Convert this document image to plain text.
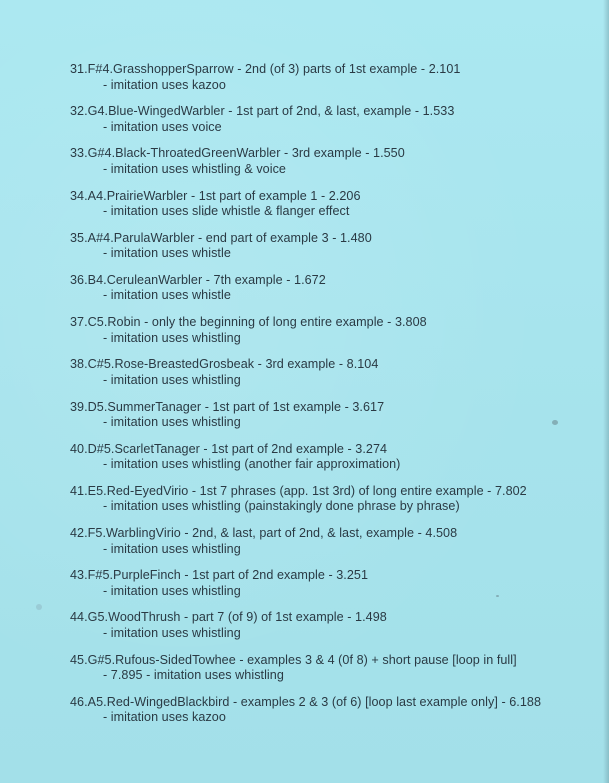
31.F#4.GrasshopperSparrow - 2nd (of 3) parts of 1st example - 2.101
- imitation uses kazoo
32.G4.Blue-WingedWarbler - 1st part of 2nd, & last, example - 1.533
- imitation uses voice
33.G#4.Black-ThroatedGreenWarbler - 3rd example - 1.550
- imitation uses whistling & voice
34.A4.PrairieWarbler - 1st part of example 1 - 2.206
- imitation uses slide whistle & flanger effect
35.A#4.ParulaWarbler - end part of example 3 - 1.480
- imitation uses whistle
36.B4.CeruleanWarbler - 7th example - 1.672
- imitation uses whistle
37.C5.Robin - only the beginning of long entire example - 3.808
- imitation uses whistling
38.C#5.Rose-BreastedGrosbeak - 3rd example - 8.104
- imitation uses whistling
39.D5.SummerTanager - 1st part of 1st example - 3.617
- imitation uses whistling
40.D#5.ScarletTanager - 1st part of 2nd example - 3.274
- imitation uses whistling (another fair approximation)
41.E5.Red-EyedVirio - 1st 7 phrases (app. 1st 3rd) of long entire example - 7.802
- imitation uses whistling (painstakingly done phrase by phrase)
42.F5.WarblingVirio - 2nd, & last, part of 2nd, & last, example - 4.508
- imitation uses whistling
43.F#5.PurpleFinch - 1st part of 2nd example - 3.251
- imitation uses whistling
44.G5.WoodThrush - part 7 (of 9) of 1st example - 1.498
- imitation uses whistling
45.G#5.Rufous-SidedTowhee - examples 3 & 4 (0f 8) + short pause [loop in full]
- 7.895 - imitation uses whistling
46.A5.Red-WingedBlackbird - examples 2 & 3 (of 6) [loop last example only] - 6.188
- imitation uses kazoo
